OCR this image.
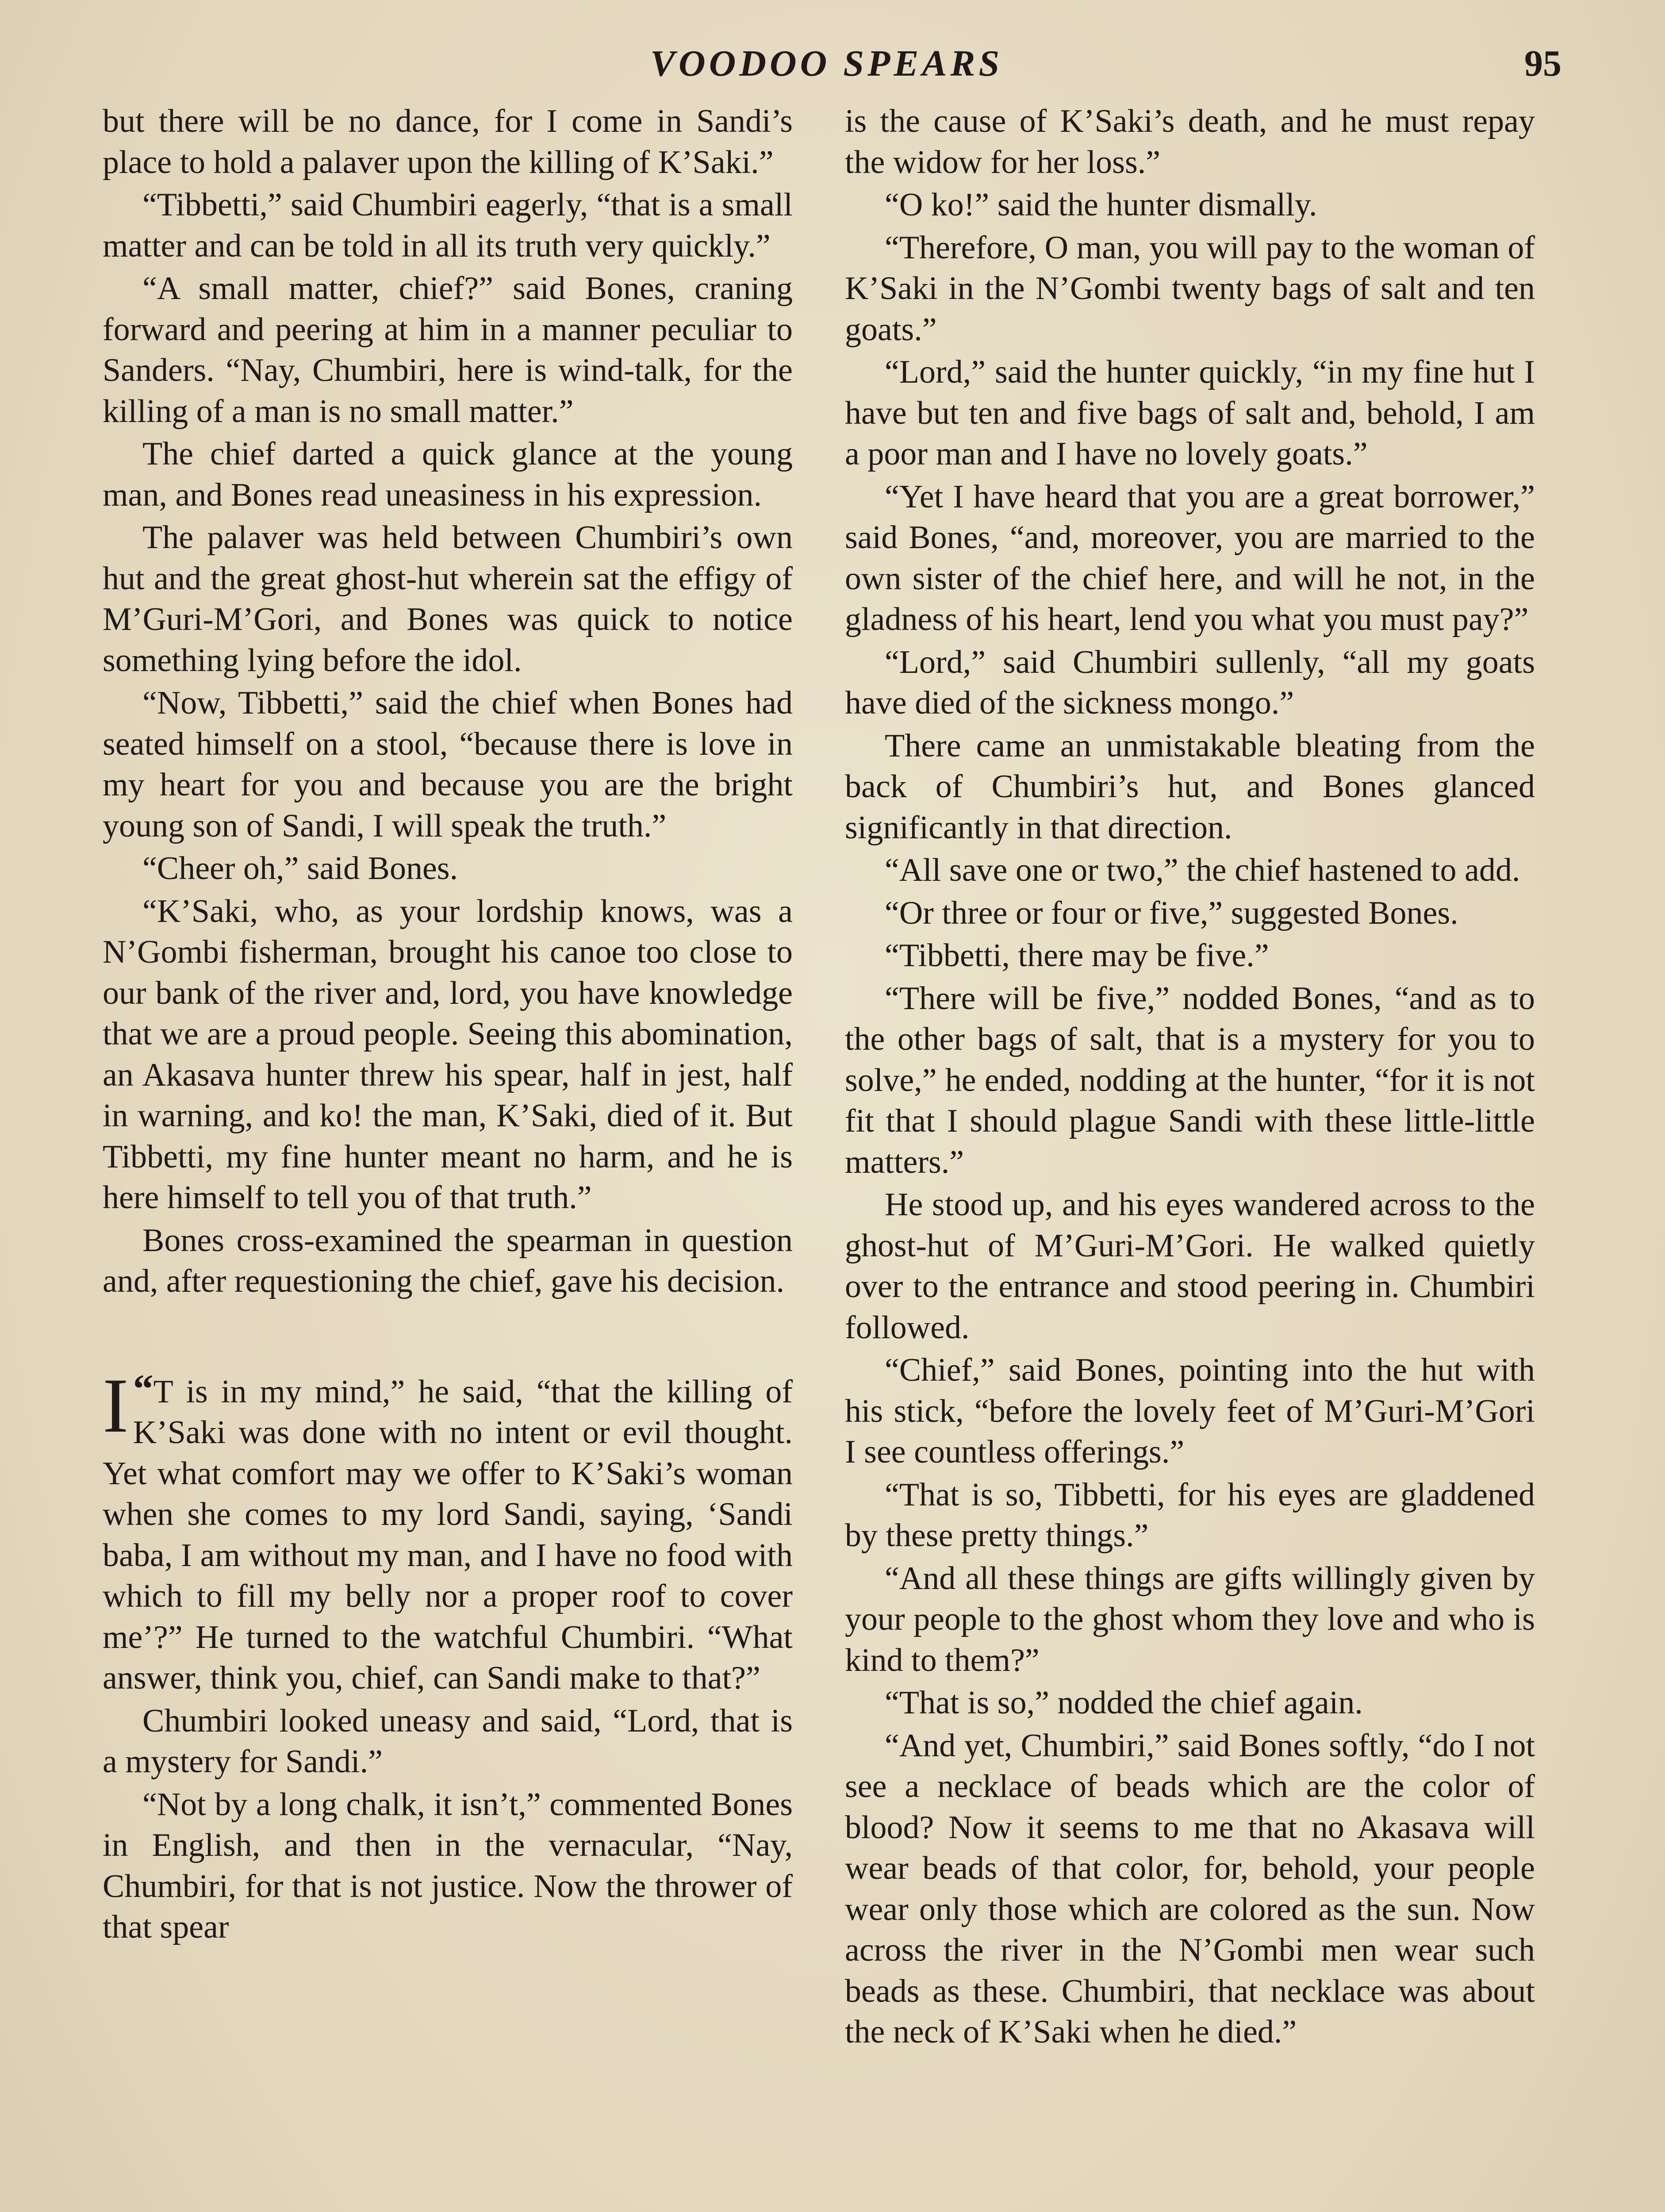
VOODOO SPEARS	95

but there will be no dance, for I come in Sandi’s place to hold a palaver upon the killing of K’Saki.”

“Tibbetti,” said Chumbiri eagerly, “that is a small matter and can be told in all its truth very quickly.”

“A small matter, chief?” said Bones, craning forward and peering at him in a manner peculiar to Sanders. “Nay, Chumbiri, here is wind-talk, for the killing of a man is no small matter.”

The chief darted a quick glance at the young man, and Bones read uneasiness in his expression.

The palaver was held between Chumbiri’s own hut and the great ghost-hut wherein sat the effigy of M’Guri-M’Gori, and Bones was quick to notice something lying before the idol.

“Now, Tibbetti,” said the chief when Bones had seated himself on a stool, “because there is love in my heart for you and because you are the bright young son of Sandi, I will speak the truth.”

“Cheer oh,” said Bones.

“K’Saki, who, as your lordship knows, was a N’Gombi fisherman, brought his canoe too close to our bank of the river and, lord, you have knowledge that we are a proud people. Seeing this abomination, an Akasava hunter threw his spear, half in jest, half in warning, and ko! the man, K’Saki, died of it. But Tibbetti, my fine hunter meant no harm, and he is here himself to tell you of that truth.”

Bones cross-examined the spearman in question and, after requestioning the chief, gave his decision.

“
I T is in my mind,” he said, “that the killing of K’Saki was done with no intent or evil thought. Yet what comfort may we offer to K’Saki’s woman when she comes to my lord Sandi, saying, ‘Sandi baba, I am without my man, and I have no food with which to fill my belly nor a proper roof to cover me’?” He turned to the watchful Chumbiri. “What answer, think you, chief, can Sandi make to that?”

Chumbiri looked uneasy and said, “Lord, that is a mystery for Sandi.”

“Not by a long chalk, it isn’t,” commented Bones in English, and then in the vernacular, “Nay, Chumbiri, for that is not justice. Now the thrower of that spear

is the cause of K’Saki’s death, and he must repay the widow for her loss.”

“O ko!” said the hunter dismally.

“Therefore, O man, you will pay to the woman of K’Saki in the N’Gombi twenty bags of salt and ten goats.”

“Lord,” said the hunter quickly, “in my fine hut I have but ten and five bags of salt and, behold, I am a poor man and I have no lovely goats.”

“Yet I have heard that you are a great borrower,” said Bones, “and, moreover, you are married to the own sister of the chief here, and will he not, in the gladness of his heart, lend you what you must pay?”

“Lord,” said Chumbiri sullenly, “all my goats have died of the sickness mongo.”

There came an unmistakable bleating from the back of Chumbiri’s hut, and Bones glanced significantly in that direction.

“All save one or two,” the chief hastened to add.

“Or three or four or five,” suggested Bones.

“Tibbetti, there may be five.”

“There will be five,” nodded Bones, “and as to the other bags of salt, that is a mystery for you to solve,” he ended, nodding at the hunter, “for it is not fit that I should plague Sandi with these little-little matters.”

He stood up, and his eyes wandered across to the ghost-hut of M’Guri-M’Gori. He walked quietly over to the entrance and stood peering in. Chumbiri followed.

“Chief,” said Bones, pointing into the hut with his stick, “before the lovely feet of M’Guri-M’Gori I see countless offerings.”

“That is so, Tibbetti, for his eyes are gladdened by these pretty things.”

“And all these things are gifts willingly given by your people to the ghost whom they love and who is kind to them?”

“That is so,” nodded the chief again.

“And yet, Chumbiri,” said Bones softly, “do I not see a necklace of beads which are the color of blood? Now it seems to me that no Akasava will wear beads of that color, for, behold, your people wear only those which are colored as the sun. Now across the river in the N’Gombi men wear such beads as these. Chumbiri, that necklace was about the neck of K’Saki when he died.”
